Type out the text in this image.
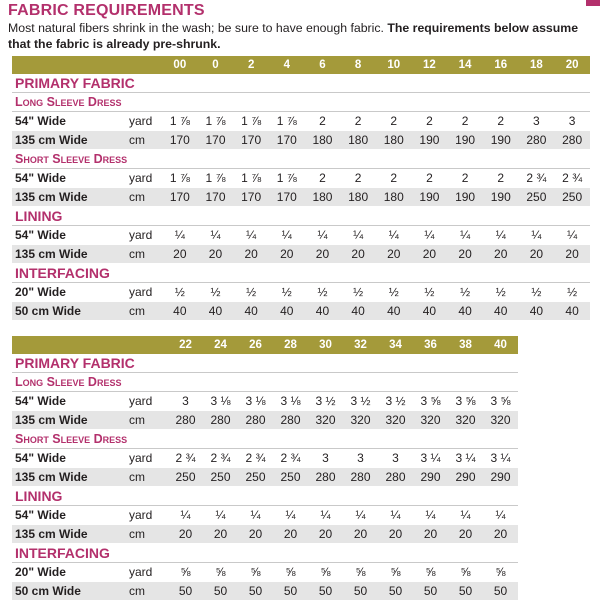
FABRIC REQUIREMENTS

Most natural fibers shrink in the wash; be sure to have enough fabric. The requirements below assume that the fabric is already pre-shrunk.

		00	0	2	4	6	8	10	12	14	16	18	20
PRIMARY FABRIC													
Long Sleeve Dress													
54" Wide	yard	1 ⅞	1 ⅞	1 ⅞	1 ⅞	2	2	2	2	2	2	3	3
135 cm Wide	cm	170	170	170	170	180	180	180	190	190	190	280	280
Short Sleeve Dress													
54" Wide	yard	1 ⅞	1 ⅞	1 ⅞	1 ⅞	2	2	2	2	2	2	2 ¾	2 ¾
135 cm Wide	cm	170	170	170	170	180	180	180	190	190	190	250	250
LINING													
54" Wide	yard	¼	¼	¼	¼	¼	¼	¼	¼	¼	¼	¼	¼
135 cm Wide	cm	20	20	20	20	20	20	20	20	20	20	20	20
INTERFACING													
20" Wide	yard	½	½	½	½	½	½	½	½	½	½	½	½
50 cm Wide	cm	40	40	40	40	40	40	40	40	40	40	40	40
		22	24	26	28	30	32	34	36	38	40
PRIMARY FABRIC											
Long Sleeve Dress											
54" Wide	yard	3	3 ⅛	3 ⅛	3 ⅛	3 ½	3 ½	3 ½	3 ⅝	3 ⅝	3 ⅝
135 cm Wide	cm	280	280	280	280	320	320	320	320	320	320
Short Sleeve Dress											
54" Wide	yard	2 ¾	2 ¾	2 ¾	2 ¾	3	3	3	3 ¼	3 ¼	3 ¼
135 cm Wide	cm	250	250	250	250	280	280	280	290	290	290
LINING											
54" Wide	yard	¼	¼	¼	¼	¼	¼	¼	¼	¼	¼
135 cm Wide	cm	20	20	20	20	20	20	20	20	20	20
INTERFACING											
20" Wide	yard	⅝	⅝	⅝	⅝	⅝	⅝	⅝	⅝	⅝	⅝
50 cm Wide	cm	50	50	50	50	50	50	50	50	50	50
